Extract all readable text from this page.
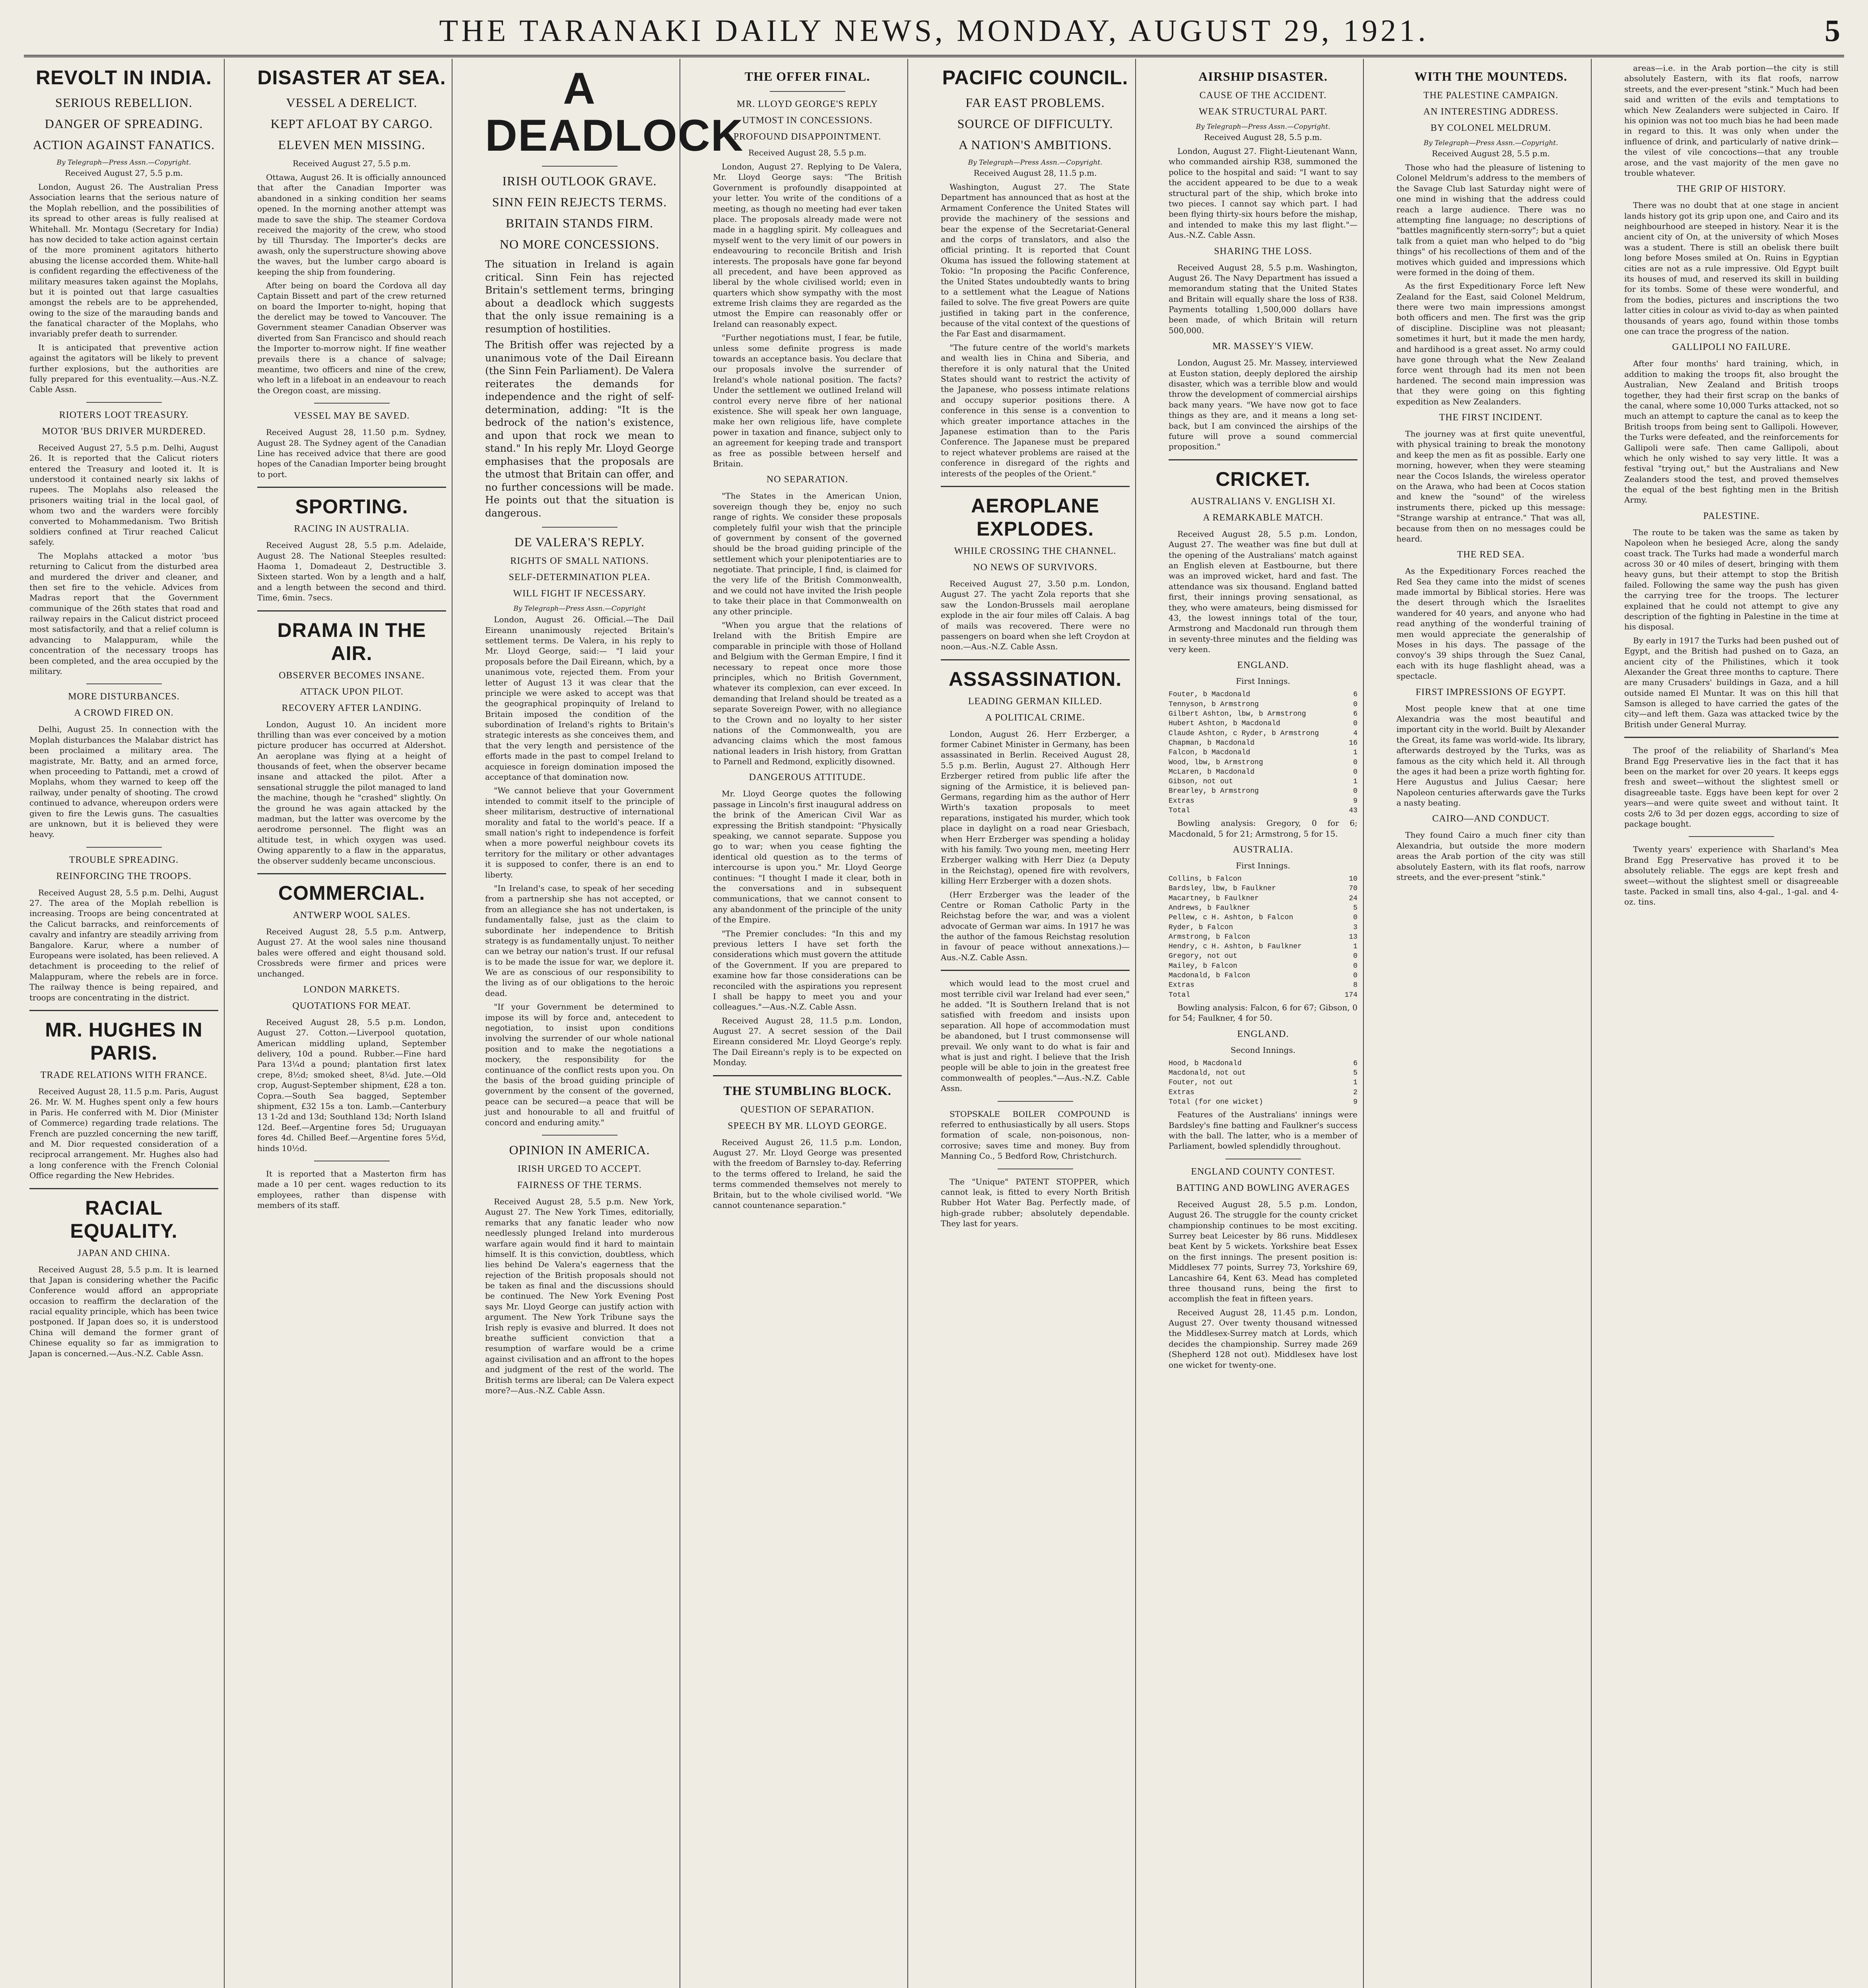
THE TARANAKI DAILY NEWS, MONDAY, AUGUST 29, 1921.	5
REVOLT IN INDIA.
SERIOUS REBELLION.
DANGER OF SPREADING.
ACTION AGAINST FANATICS.
By Telegraph—Press Assn.—Copyright.
Received August 27, 5.5 p.m.

London, August 26. The Australian Press Association learns that the serious nature of the Moplah rebellion, and the possibilities of its spread to other areas is fully realised at Whitehall. Mr. Montagu (Secretary for India) has now decided to take action against certain of the more prominent agitators hitherto abusing the license accorded them. White-hall is confident regarding the effectiveness of the military measures taken against the Moplahs, but it is pointed out that large casualties amongst the rebels are to be apprehended, owing to the size of the marauding bands and the fanatical character of the Moplahs, who invariably prefer death to surrender.

It is anticipated that preventive action against the agitators will be likely to prevent further explosions, but the authorities are fully prepared for this eventuality.—Aus.-N.Z. Cable Assn.

RIOTERS LOOT TREASURY.
MOTOR 'BUS DRIVER MURDERED.

Received August 27, 5.5 p.m. Delhi, August 26. It is reported that the Calicut rioters entered the Treasury and looted it. It is understood it contained nearly six lakhs of rupees. The Moplahs also released the prisoners waiting trial in the local gaol, of whom two and the warders were forcibly converted to Mohammedanism. Two British soldiers confined at Tirur reached Calicut safely.

The Moplahs attacked a motor 'bus returning to Calicut from the disturbed area and murdered the driver and cleaner, and then set fire to the vehicle. Advices from Madras report that the Government communique of the 26th states that road and railway repairs in the Calicut district proceed most satisfactorily, and that a relief column is advancing to Malappuram, while the concentration of the necessary troops has been completed, and the area occupied by the military.

MORE DISTURBANCES.
A CROWD FIRED ON.

Delhi, August 25. In connection with the Moplah disturbances the Malabar district has been proclaimed a military area. The magistrate, Mr. Batty, and an armed force, when proceeding to Pattandi, met a crowd of Moplahs, whom they warned to keep off the railway, under penalty of shooting. The crowd continued to advance, whereupon orders were given to fire the Lewis guns. The casualties are unknown, but it is believed they were heavy.

TROUBLE SPREADING.
REINFORCING THE TROOPS.

Received August 28, 5.5 p.m. Delhi, August 27. The area of the Moplah rebellion is increasing. Troops are being concentrated at the Calicut barracks, and reinforcements of cavalry and infantry are steadily arriving from Bangalore. Karur, where a number of Europeans were isolated, has been relieved. A detachment is proceeding to the relief of Malappuram, where the rebels are in force. The railway thence is being repaired, and troops are concentrating in the district.

MR. HUGHES IN PARIS.
TRADE RELATIONS WITH FRANCE.

Received August 28, 11.5 p.m. Paris, August 26. Mr. W. M. Hughes spent only a few hours in Paris. He conferred with M. Dior (Minister of Commerce) regarding trade relations. The French are puzzled concerning the new tariff, and M. Dior requested consideration of a reciprocal arrangement. Mr. Hughes also had a long conference with the French Colonial Office regarding the New Hebrides.

RACIAL EQUALITY.
JAPAN AND CHINA.

Received August 28, 5.5 p.m. It is learned that Japan is considering whether the Pacific Conference would afford an appropriate occasion to reaffirm the declaration of the racial equality principle, which has been twice postponed. If Japan does so, it is understood China will demand the former grant of Chinese equality so far as immigration to Japan is concerned.—Aus.-N.Z. Cable Assn.

DISASTER AT SEA.
VESSEL A DERELICT.
KEPT AFLOAT BY CARGO.
ELEVEN MEN MISSING.
Received August 27, 5.5 p.m.

Ottawa, August 26. It is officially announced that after the Canadian Importer was abandoned in a sinking condition her seams opened. In the morning another attempt was made to save the ship. The steamer Cordova received the majority of the crew, who stood by till Thursday. The Importer's decks are awash, only the superstructure showing above the waves, but the lumber cargo aboard is keeping the ship from foundering.

After being on board the Cordova all day Captain Bissett and part of the crew returned on board the Importer to-night, hoping that the derelict may be towed to Vancouver. The Government steamer Canadian Observer was diverted from San Francisco and should reach the Importer to-morrow night. If fine weather prevails there is a chance of salvage; meantime, two officers and nine of the crew, who left in a lifeboat in an endeavour to reach the Oregon coast, are missing.

VESSEL MAY BE SAVED.

Received August 28, 11.50 p.m. Sydney, August 28. The Sydney agent of the Canadian Line has received advice that there are good hopes of the Canadian Importer being brought to port.

SPORTING.
RACING IN AUSTRALIA.

Received August 28, 5.5 p.m. Adelaide, August 28. The National Steeples resulted: Haoma 1, Domadeaut 2, Destructible 3. Sixteen started. Won by a length and a half, and a length between the second and third. Time, 6min. 7secs.

DRAMA IN THE AIR.
OBSERVER BECOMES INSANE.
ATTACK UPON PILOT.
RECOVERY AFTER LANDING.

London, August 10. An incident more thrilling than was ever conceived by a motion picture producer has occurred at Aldershot. An aeroplane was flying at a height of thousands of feet, when the observer became insane and attacked the pilot. After a sensational struggle the pilot managed to land the machine, though he "crashed" slightly. On the ground he was again attacked by the madman, but the latter was overcome by the aerodrome personnel. The flight was an altitude test, in which oxygen was used. Owing apparently to a flaw in the apparatus, the observer suddenly became unconscious.

COMMERCIAL.
ANTWERP WOOL SALES.

Received August 28, 5.5 p.m. Antwerp, August 27. At the wool sales nine thousand bales were offered and eight thousand sold. Crossbreds were firmer and prices were unchanged.

LONDON MARKETS.
QUOTATIONS FOR MEAT.

Received August 28, 5.5 p.m. London, August 27. Cotton.—Liverpool quotation, American middling upland, September delivery, 10d a pound. Rubber.—Fine hard Para 13¼d a pound; plantation first latex crepe, 8½d; smoked sheet, 8¼d. Jute.—Old crop, August-September shipment, £28 a ton. Copra.—South Sea bagged, September shipment, £32 15s a ton. Lamb.—Canterbury 13 1-2d and 13d; Southland 13d; North Island 12d. Beef.—Argentine fores 5d; Uruguayan fores 4d. Chilled Beef.—Argentine fores 5½d, hinds 10½d.

It is reported that a Masterton firm has made a 10 per cent. wages reduction to its employees, rather than dispense with members of its staff.

A DEADLOCK
IRISH OUTLOOK GRAVE.
SINN FEIN REJECTS TERMS.
BRITAIN STANDS FIRM.
NO MORE CONCESSIONS.

The situation in Ireland is again critical. Sinn Fein has rejected Britain's settlement terms, bringing about a deadlock which suggests that the only issue remaining is a resumption of hostilities.

The British offer was rejected by a unanimous vote of the Dail Eireann (the Sinn Fein Parliament). De Valera reiterates the demands for independence and the right of self-determination, adding: "It is the bedrock of the nation's existence, and upon that rock we mean to stand." In his reply Mr. Lloyd George emphasises that the proposals are the utmost that Britain can offer, and no further concessions will be made. He points out that the situation is dangerous.

DE VALERA'S REPLY.
RIGHTS OF SMALL NATIONS.
SELF-DETERMINATION PLEA.
WILL FIGHT IF NECESSARY.
By Telegraph—Press Assn.—Copyright

London, August 26. Official.—The Dail Eireann unanimously rejected Britain's settlement terms. De Valera, in his reply to Mr. Lloyd George, said:— "I laid your proposals before the Dail Eireann, which, by a unanimous vote, rejected them. From your letter of August 13 it was clear that the principle we were asked to accept was that the geographical propinquity of Ireland to Britain imposed the condition of the subordination of Ireland's rights to Britain's strategic interests as she conceives them, and that the very length and persistence of the efforts made in the past to compel Ireland to acquiesce in foreign domination imposed the acceptance of that domination now.

"We cannot believe that your Government intended to commit itself to the principle of sheer militarism, destructive of international morality and fatal to the world's peace. If a small nation's right to independence is forfeit when a more powerful neighbour covets its territory for the military or other advantages it is supposed to confer, there is an end to liberty.

"In Ireland's case, to speak of her seceding from a partnership she has not accepted, or from an allegiance she has not undertaken, is fundamentally false, just as the claim to subordinate her independence to British strategy is as fundamentally unjust. To neither can we betray our nation's trust. If our refusal is to be made the issue for war, we deplore it. We are as conscious of our responsibility to the living as of our obligations to the heroic dead.

"If your Government be determined to impose its will by force and, antecedent to negotiation, to insist upon conditions involving the surrender of our whole national position and to make the negotiations a mockery, the responsibility for the continuance of the conflict rests upon you. On the basis of the broad guiding principle of government by the consent of the governed, peace can be secured—a peace that will be just and honourable to all and fruitful of concord and enduring amity."

OPINION IN AMERICA.
IRISH URGED TO ACCEPT.
FAIRNESS OF THE TERMS.

Received August 28, 5.5 p.m. New York, August 27. The New York Times, editorially, remarks that any fanatic leader who now needlessly plunged Ireland into murderous warfare again would find it hard to maintain himself. It is this conviction, doubtless, which lies behind De Valera's eagerness that the rejection of the British proposals should not be taken as final and the discussions should be continued. The New York Evening Post says Mr. Lloyd George can justify action with argument. The New York Tribune says the Irish reply is evasive and blurred. It does not breathe sufficient conviction that a resumption of warfare would be a crime against civilisation and an affront to the hopes and judgment of the rest of the world. The British terms are liberal; can De Valera expect more?—Aus.-N.Z. Cable Assn.

THE OFFER FINAL.
MR. LLOYD GEORGE'S REPLY
UTMOST IN CONCESSIONS.
PROFOUND DISAPPOINTMENT.
Received August 28, 5.5 p.m.

London, August 27. Replying to De Valera, Mr. Lloyd George says: "The British Government is profoundly disappointed at your letter. You write of the conditions of a meeting, as though no meeting had ever taken place. The proposals already made were not made in a haggling spirit. My colleagues and myself went to the very limit of our powers in endeavouring to reconcile British and Irish interests. The proposals have gone far beyond all precedent, and have been approved as liberal by the whole civilised world; even in quarters which show sympathy with the most extreme Irish claims they are regarded as the utmost the Empire can reasonably offer or Ireland can reasonably expect.

"Further negotiations must, I fear, be futile, unless some definite progress is made towards an acceptance basis. You declare that our proposals involve the surrender of Ireland's whole national position. The facts? Under the settlement we outlined Ireland will control every nerve fibre of her national existence. She will speak her own language, make her own religious life, have complete power in taxation and finance, subject only to an agreement for keeping trade and transport as free as possible between herself and Britain.

NO SEPARATION.

"The States in the American Union, sovereign though they be, enjoy no such range of rights. We consider these proposals completely fulfil your wish that the principle of government by consent of the governed should be the broad guiding principle of the settlement which your plenipotentiaries are to negotiate. That principle, I find, is claimed for the very life of the British Commonwealth, and we could not have invited the Irish people to take their place in that Commonwealth on any other principle.

"When you argue that the relations of Ireland with the British Empire are comparable in principle with those of Holland and Belgium with the German Empire, I find it necessary to repeat once more those principles, which no British Government, whatever its complexion, can ever exceed. In demanding that Ireland should be treated as a separate Sovereign Power, with no allegiance to the Crown and no loyalty to her sister nations of the Commonwealth, you are advancing claims which the most famous national leaders in Irish history, from Grattan to Parnell and Redmond, explicitly disowned.

DANGEROUS ATTITUDE.

Mr. Lloyd George quotes the following passage in Lincoln's first inaugural address on the brink of the American Civil War as expressing the British standpoint: "Physically speaking, we cannot separate. Suppose you go to war; when you cease fighting the identical old question as to the terms of intercourse is upon you." Mr. Lloyd George continues: "I thought I made it clear, both in the conversations and in subsequent communications, that we cannot consent to any abandonment of the principle of the unity of the Empire.

"The Premier concludes: "In this and my previous letters I have set forth the considerations which must govern the attitude of the Government. If you are prepared to examine how far those considerations can be reconciled with the aspirations you represent I shall be happy to meet you and your colleagues."—Aus.-N.Z. Cable Assn.

Received August 28, 11.5 p.m. London, August 27. A secret session of the Dail Eireann considered Mr. Lloyd George's reply. The Dail Eireann's reply is to be expected on Monday.

THE STUMBLING BLOCK.
QUESTION OF SEPARATION.
SPEECH BY MR. LLOYD GEORGE.

Received August 26, 11.5 p.m. London, August 27. Mr. Lloyd George was presented with the freedom of Barnsley to-day. Referring to the terms offered to Ireland, he said the terms commended themselves not merely to Britain, but to the whole civilised world. "We cannot countenance separation."

PACIFIC COUNCIL.
FAR EAST PROBLEMS.
SOURCE OF DIFFICULTY.
A NATION'S AMBITIONS.
By Telegraph—Press Assn.—Copyright.
Received August 28, 11.5 p.m.

Washington, August 27. The State Department has announced that as host at the Armament Conference the United States will provide the machinery of the sessions and bear the expense of the Secretariat-General and the corps of translators, and also the official printing. It is reported that Count Okuma has issued the following statement at Tokio: "In proposing the Pacific Conference, the United States undoubtedly wants to bring to a settlement what the League of Nations failed to solve. The five great Powers are quite justified in taking part in the conference, because of the vital context of the questions of the Far East and disarmament.

"The future centre of the world's markets and wealth lies in China and Siberia, and therefore it is only natural that the United States should want to restrict the activity of the Japanese, who possess intimate relations and occupy superior positions there. A conference in this sense is a convention to which greater importance attaches in the Japanese estimation than to the Paris Conference. The Japanese must be prepared to reject whatever problems are raised at the conference in disregard of the rights and interests of the peoples of the Orient."

AEROPLANE EXPLODES.
WHILE CROSSING THE CHANNEL.
NO NEWS OF SURVIVORS.

Received August 27, 3.50 p.m. London, August 27. The yacht Zola reports that she saw the London-Brussels mail aeroplane explode in the air four miles off Calais. A bag of mails was recovered. There were no passengers on board when she left Croydon at noon.—Aus.-N.Z. Cable Assn.

ASSASSINATION.
LEADING GERMAN KILLED.
A POLITICAL CRIME.

London, August 26. Herr Erzberger, a former Cabinet Minister in Germany, has been assassinated in Berlin. Received August 28, 5.5 p.m. Berlin, August 27. Although Herr Erzberger retired from public life after the signing of the Armistice, it is believed pan-Germans, regarding him as the author of Herr Wirth's taxation proposals to meet reparations, instigated his murder, which took place in daylight on a road near Griesbach, when Herr Erzberger was spending a holiday with his family. Two young men, meeting Herr Erzberger walking with Herr Diez (a Deputy in the Reichstag), opened fire with revolvers, killing Herr Erzberger with a dozen shots.

(Herr Erzberger was the leader of the Centre or Roman Catholic Party in the Reichstag before the war, and was a violent advocate of German war aims. In 1917 he was the author of the famous Reichstag resolution in favour of peace without annexations.)—Aus.-N.Z. Cable Assn.

which would lead to the most cruel and most terrible civil war Ireland had ever seen," he added. "It is Southern Ireland that is not satisfied with freedom and insists upon separation. All hope of accommodation must be abandoned, but I trust commonsense will prevail. We only want to do what is fair and what is just and right. I believe that the Irish people will be able to join in the greatest free commonwealth of peoples."—Aus.-N.Z. Cable Assn.

STOPSKALE BOILER COMPOUND is referred to enthusiastically by all users. Stops formation of scale, non-poisonous, non-corrosive; saves time and money. Buy from Manning Co., 5 Bedford Row, Christchurch.

The "Unique" PATENT STOPPER, which cannot leak, is fitted to every North British Rubber Hot Water Bag. Perfectly made, of high-grade rubber; absolutely dependable. They last for years.

AIRSHIP DISASTER.
CAUSE OF THE ACCIDENT.
WEAK STRUCTURAL PART.
By Telegraph—Press Assn.—Copyright.
Received August 28, 5.5 p.m.

London, August 27. Flight-Lieutenant Wann, who commanded airship R38, summoned the police to the hospital and said: "I want to say the accident appeared to be due to a weak structural part of the ship, which broke into two pieces. I cannot say which part. I had been flying thirty-six hours before the mishap, and intended to make this my last flight."—Aus.-N.Z. Cable Assn.

SHARING THE LOSS.

Received August 28, 5.5 p.m. Washington, August 26. The Navy Department has issued a memorandum stating that the United States and Britain will equally share the loss of R38. Payments totalling 1,500,000 dollars have been made, of which Britain will return 500,000.

MR. MASSEY'S VIEW.

London, August 25. Mr. Massey, interviewed at Euston station, deeply deplored the airship disaster, which was a terrible blow and would throw the development of commercial airships back many years. "We have now got to face things as they are, and it means a long set-back, but I am convinced the airships of the future will prove a sound commercial proposition."

CRICKET.
AUSTRALIANS V. ENGLISH XI.
A REMARKABLE MATCH.

Received August 28, 5.5 p.m. London, August 27. The weather was fine but dull at the opening of the Australians' match against an English eleven at Eastbourne, but there was an improved wicket, hard and fast. The attendance was six thousand. England batted first, their innings proving sensational, as they, who were amateurs, being dismissed for 43, the lowest innings total of the tour, Armstrong and Macdonald run through them in seventy-three minutes and the fielding was very keen.

ENGLAND.
First Innings.
Fouter, b Macdonald	6
Tennyson, b Armstrong	0
Gilbert Ashton, lbw, b Armstrong	6
Hubert Ashton, b Macdonald	0
Claude Ashton, c Ryder, b Armstrong	4
Chapman, b Macdonald	16
Falcon, b Macdonald	1
Wood, lbw, b Armstrong	0
McLaren, b Macdonald	0
Gibson, not out	1
Brearley, b Armstrong	0
Extras	9
Total	43

Bowling analysis: Gregory, 0 for 6; Macdonald, 5 for 21; Armstrong, 5 for 15.

AUSTRALIA.
First Innings.
Collins, b Falcon	10
Bardsley, lbw, b Faulkner	70
Macartney, b Faulkner	24
Andrews, b Faulkner	5
Pellew, c H. Ashton, b Falcon	0
Ryder, b Falcon	3
Armstrong, b Falcon	13
Hendry, c H. Ashton, b Faulkner	1
Gregory, not out	0
Mailey, b Falcon	0
Macdonald, b Falcon	0
Extras	8
Total	174

Bowling analysis: Falcon, 6 for 67; Gibson, 0 for 54; Faulkner, 4 for 50.

ENGLAND.
Second Innings.
Hood, b Macdonald	6
Macdonald, not out	5
Fouter, not out	1
Extras	2
Total (for one wicket)	9

Features of the Australians' innings were Bardsley's fine batting and Faulkner's success with the ball. The latter, who is a member of Parliament, bowled splendidly throughout.

ENGLAND COUNTY CONTEST.
BATTING AND BOWLING AVERAGES

Received August 28, 5.5 p.m. London, August 26. The struggle for the county cricket championship continues to be most exciting. Surrey beat Leicester by 86 runs. Middlesex beat Kent by 5 wickets. Yorkshire beat Essex on the first innings. The present position is: Middlesex 77 points, Surrey 73, Yorkshire 69, Lancashire 64, Kent 63. Mead has completed three thousand runs, being the first to accomplish the feat in fifteen years.

Received August 28, 11.45 p.m. London, August 27. Over twenty thousand witnessed the Middlesex-Surrey match at Lords, which decides the championship. Surrey made 269 (Shepherd 128 not out). Middlesex have lost one wicket for twenty-one.

WITH THE MOUNTEDS.
THE PALESTINE CAMPAIGN.
AN INTERESTING ADDRESS.
BY COLONEL MELDRUM.
By Telegraph—Press Assn.—Copyright.
Received August 28, 5.5 p.m.

Those who had the pleasure of listening to Colonel Meldrum's address to the members of the Savage Club last Saturday night were of one mind in wishing that the address could reach a large audience. There was no attempting fine language; no descriptions of "battles magnificently stern-sorry"; but a quiet talk from a quiet man who helped to do "big things" of his recollections of them and of the motives which guided and impressions which were formed in the doing of them.

As the first Expeditionary Force left New Zealand for the East, said Colonel Meldrum, there were two main impressions amongst both officers and men. The first was the grip of discipline. Discipline was not pleasant; sometimes it hurt, but it made the men hardy, and hardihood is a great asset. No army could have gone through what the New Zealand force went through had its men not been hardened. The second main impression was that they were going on this fighting expedition as New Zealanders.

THE FIRST INCIDENT.

The journey was at first quite uneventful, with physical training to break the monotony and keep the men as fit as possible. Early one morning, however, when they were steaming near the Cocos Islands, the wireless operator on the Arawa, who had been at Cocos station and knew the "sound" of the wireless instruments there, picked up this message: "Strange warship at entrance." That was all, because from then on no messages could be heard.

THE RED SEA.

As the Expeditionary Forces reached the Red Sea they came into the midst of scenes made immortal by Biblical stories. Here was the desert through which the Israelites wandered for 40 years, and anyone who had read anything of the wonderful training of men would appreciate the generalship of Moses in his days. The passage of the convoy's 39 ships through the Suez Canal, each with its huge flashlight ahead, was a spectacle.

FIRST IMPRESSIONS OF EGYPT.

Most people knew that at one time Alexandria was the most beautiful and important city in the world. Built by Alexander the Great, its fame was world-wide. Its library, afterwards destroyed by the Turks, was as famous as the city which held it. All through the ages it had been a prize worth fighting for. Here Augustus and Julius Caesar; here Napoleon centuries afterwards gave the Turks a nasty beating.

CAIRO—AND CONDUCT.

They found Cairo a much finer city than Alexandria, but outside the more modern areas the Arab portion of the city was still absolutely Eastern, with its flat roofs, narrow streets, and the ever-present "stink."

areas—i.e. in the Arab portion—the city is still absolutely Eastern, with its flat roofs, narrow streets, and the ever-present "stink." Much had been said and written of the evils and temptations to which New Zealanders were subjected in Cairo. If his opinion was not too much bias he had been made in regard to this. It was only when under the influence of drink, and particularly of native drink—the vilest of vile concoctions—that any trouble arose, and the vast majority of the men gave no trouble whatever.

THE GRIP OF HISTORY.

There was no doubt that at one stage in ancient lands history got its grip upon one, and Cairo and its neighbourhood are steeped in history. Near it is the ancient city of On, at the university of which Moses was a student. There is still an obelisk there built long before Moses smiled at On. Ruins in Egyptian cities are not as a rule impressive. Old Egypt built its houses of mud, and reserved its skill in building for its tombs. Some of these were wonderful, and from the bodies, pictures and inscriptions the two latter cities in colour as vivid to-day as when painted thousands of years ago, found within those tombs one can trace the progress of the nation.

GALLIPOLI NO FAILURE.

After four months' hard training, which, in addition to making the troops fit, also brought the Australian, New Zealand and British troops together, they had their first scrap on the banks of the canal, where some 10,000 Turks attacked, not so much an attempt to capture the canal as to keep the British troops from being sent to Gallipoli. However, the Turks were defeated, and the reinforcements for Gallipoli were safe. Then came Gallipoli, about which he only wished to say very little. It was a festival "trying out," but the Australians and New Zealanders stood the test, and proved themselves the equal of the best fighting men in the British Army.

PALESTINE.

The route to be taken was the same as taken by Napoleon when he besieged Acre, along the sandy coast track. The Turks had made a wonderful march across 30 or 40 miles of desert, bringing with them heavy guns, but their attempt to stop the British failed. Following the same way the push has given the carrying tree for the troops. The lecturer explained that he could not attempt to give any description of the fighting in Palestine in the time at his disposal.

By early in 1917 the Turks had been pushed out of Egypt, and the British had pushed on to Gaza, an ancient city of the Philistines, which it took Alexander the Great three months to capture. There are many Crusaders' buildings in Gaza, and a hill outside named El Muntar. It was on this hill that Samson is alleged to have carried the gates of the city—and left them. Gaza was attacked twice by the British under General Murray.

The proof of the reliability of Sharland's Mea Brand Egg Preservative lies in the fact that it has been on the market for over 20 years. It keeps eggs fresh and sweet—without the slightest smell or disagreeable taste. Eggs have been kept for over 2 years—and were quite sweet and without taint. It costs 2/6 to 3d per dozen eggs, according to size of package bought.

Twenty years' experience with Sharland's Mea Brand Egg Preservative has proved it to be absolutely reliable. The eggs are kept fresh and sweet—without the slightest smell or disagreeable taste. Packed in small tins, also 4-gal., 1-gal. and 4-oz. tins.
